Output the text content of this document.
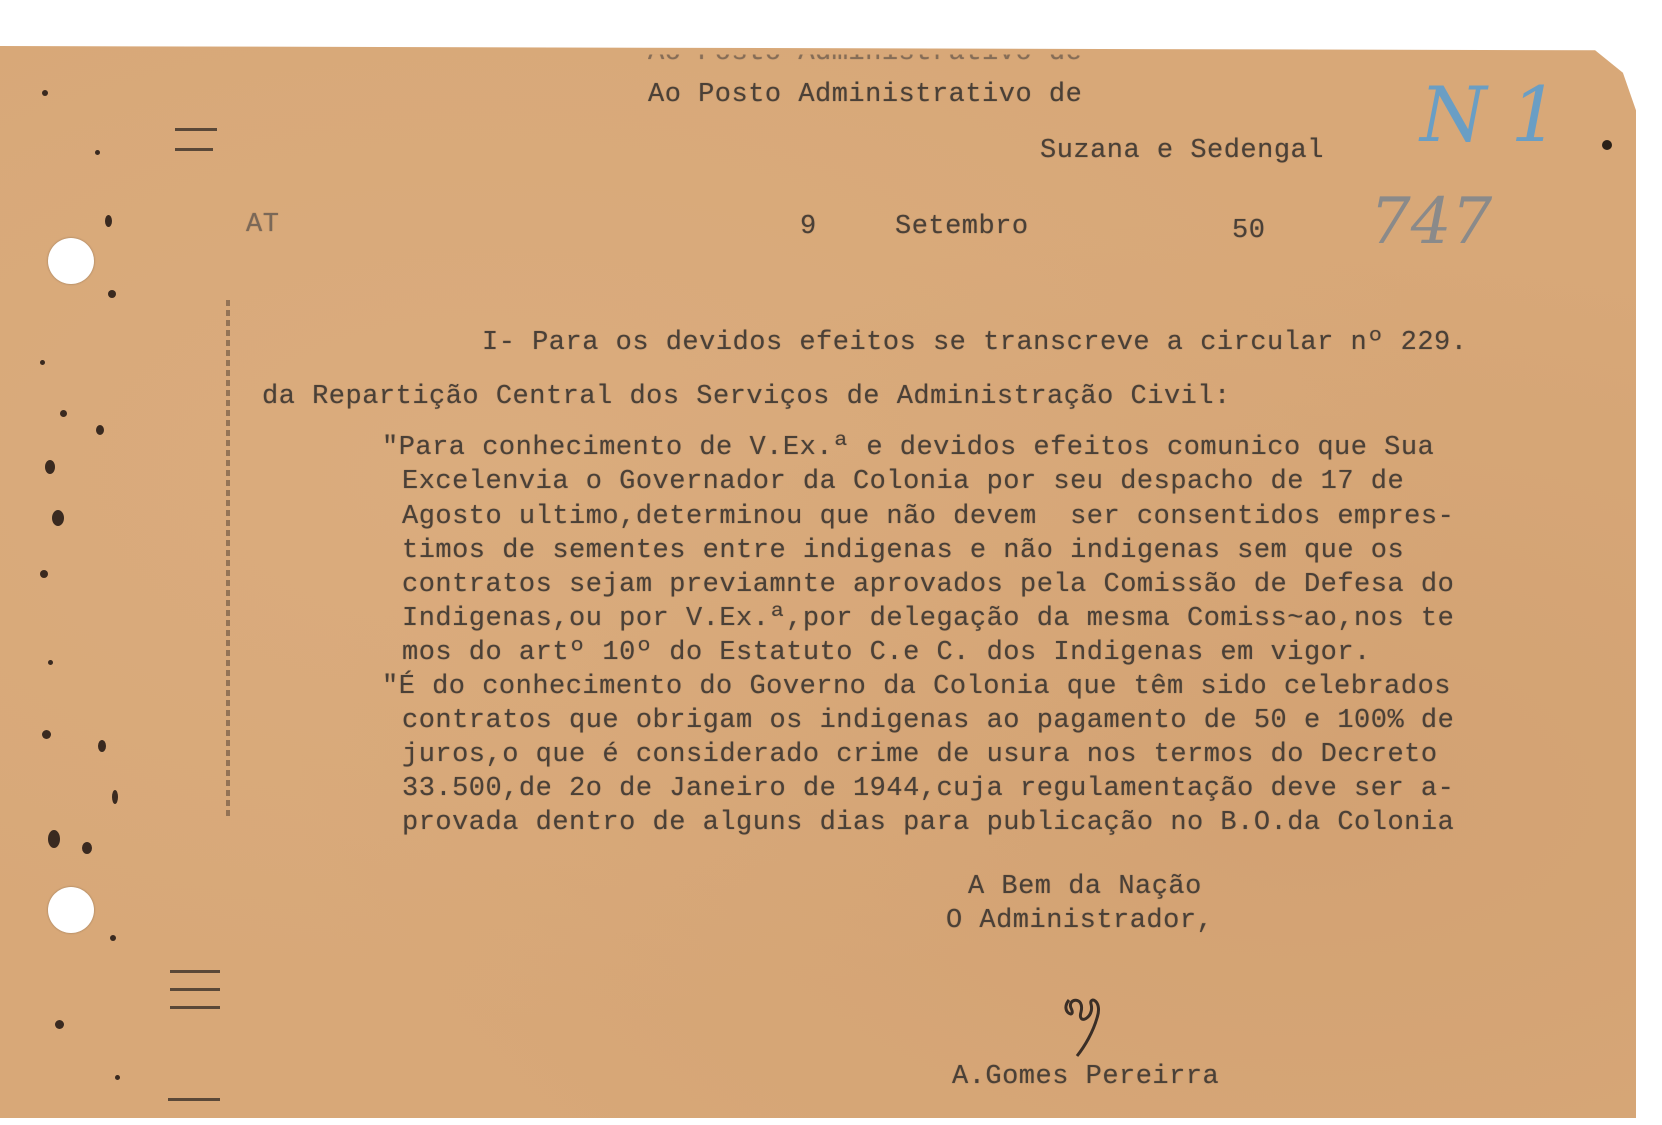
Ao Posto Administrativo de
Suzana e Sedengal N 1
AT	9	Setembro	50 747
I- Para os devidos efeitos se transcreve a circular nº 229.
da Repartição Central dos Serviços de Administração Civil:
"Para conhecimento de V.Ex.ª e devidos efeitos comunico que Sua
Excelenvia o Governador da Colonia por seu despacho de 17 de
Agosto ultimo,determinou que não devem  ser consentidos empres-
timos de sementes entre indigenas e não indigenas sem que os
contratos sejam previamnte aprovados pela Comissão de Defesa do
Indigenas,ou por V.Ex.ª,por delegação da mesma Comiss~ao,nos te
mos do artº 10º do Estatuto C.e C. dos Indigenas em vigor.
"É do conhecimento do Governo da Colonia que têm sido celebrados
contratos que obrigam os indigenas ao pagamento de 50 e 100% de
juros,o que é considerado crime de usura nos termos do Decreto
33.500,de 2o de Janeiro de 1944,cuja regulamentação deve ser a-
provada dentro de alguns dias para publicação no B.O.da Colonia
A Bem da Nação
O Administrador,
A.Gomes Pereirra
